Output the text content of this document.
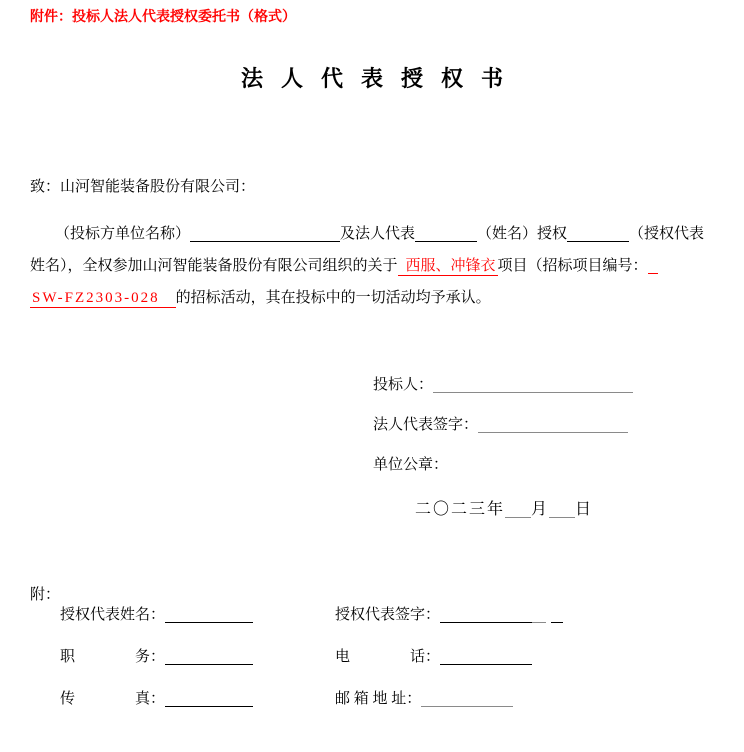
附件：投标人法人代表授权委托书（格式）
法人代表授权书
致：山河智能装备股份有限公司：
（投标方单位名称）	及法人代表	（姓名）授权	（授权代表
姓名），全权参加山河智能装备股份有限公司组织的关于 西服、冲锋衣 项目（招标项目编号：
SW-FZ2303-028 的招标活动，其在投标中的一切活动均予承认。
投标人：
法人代表签字：
单位公章：
二〇二三年 月 日
附：
授权代表姓名：	授权代表签字：
职　　　　务：	电　　　　话：
传　　　　真：	邮 箱 地 址：
